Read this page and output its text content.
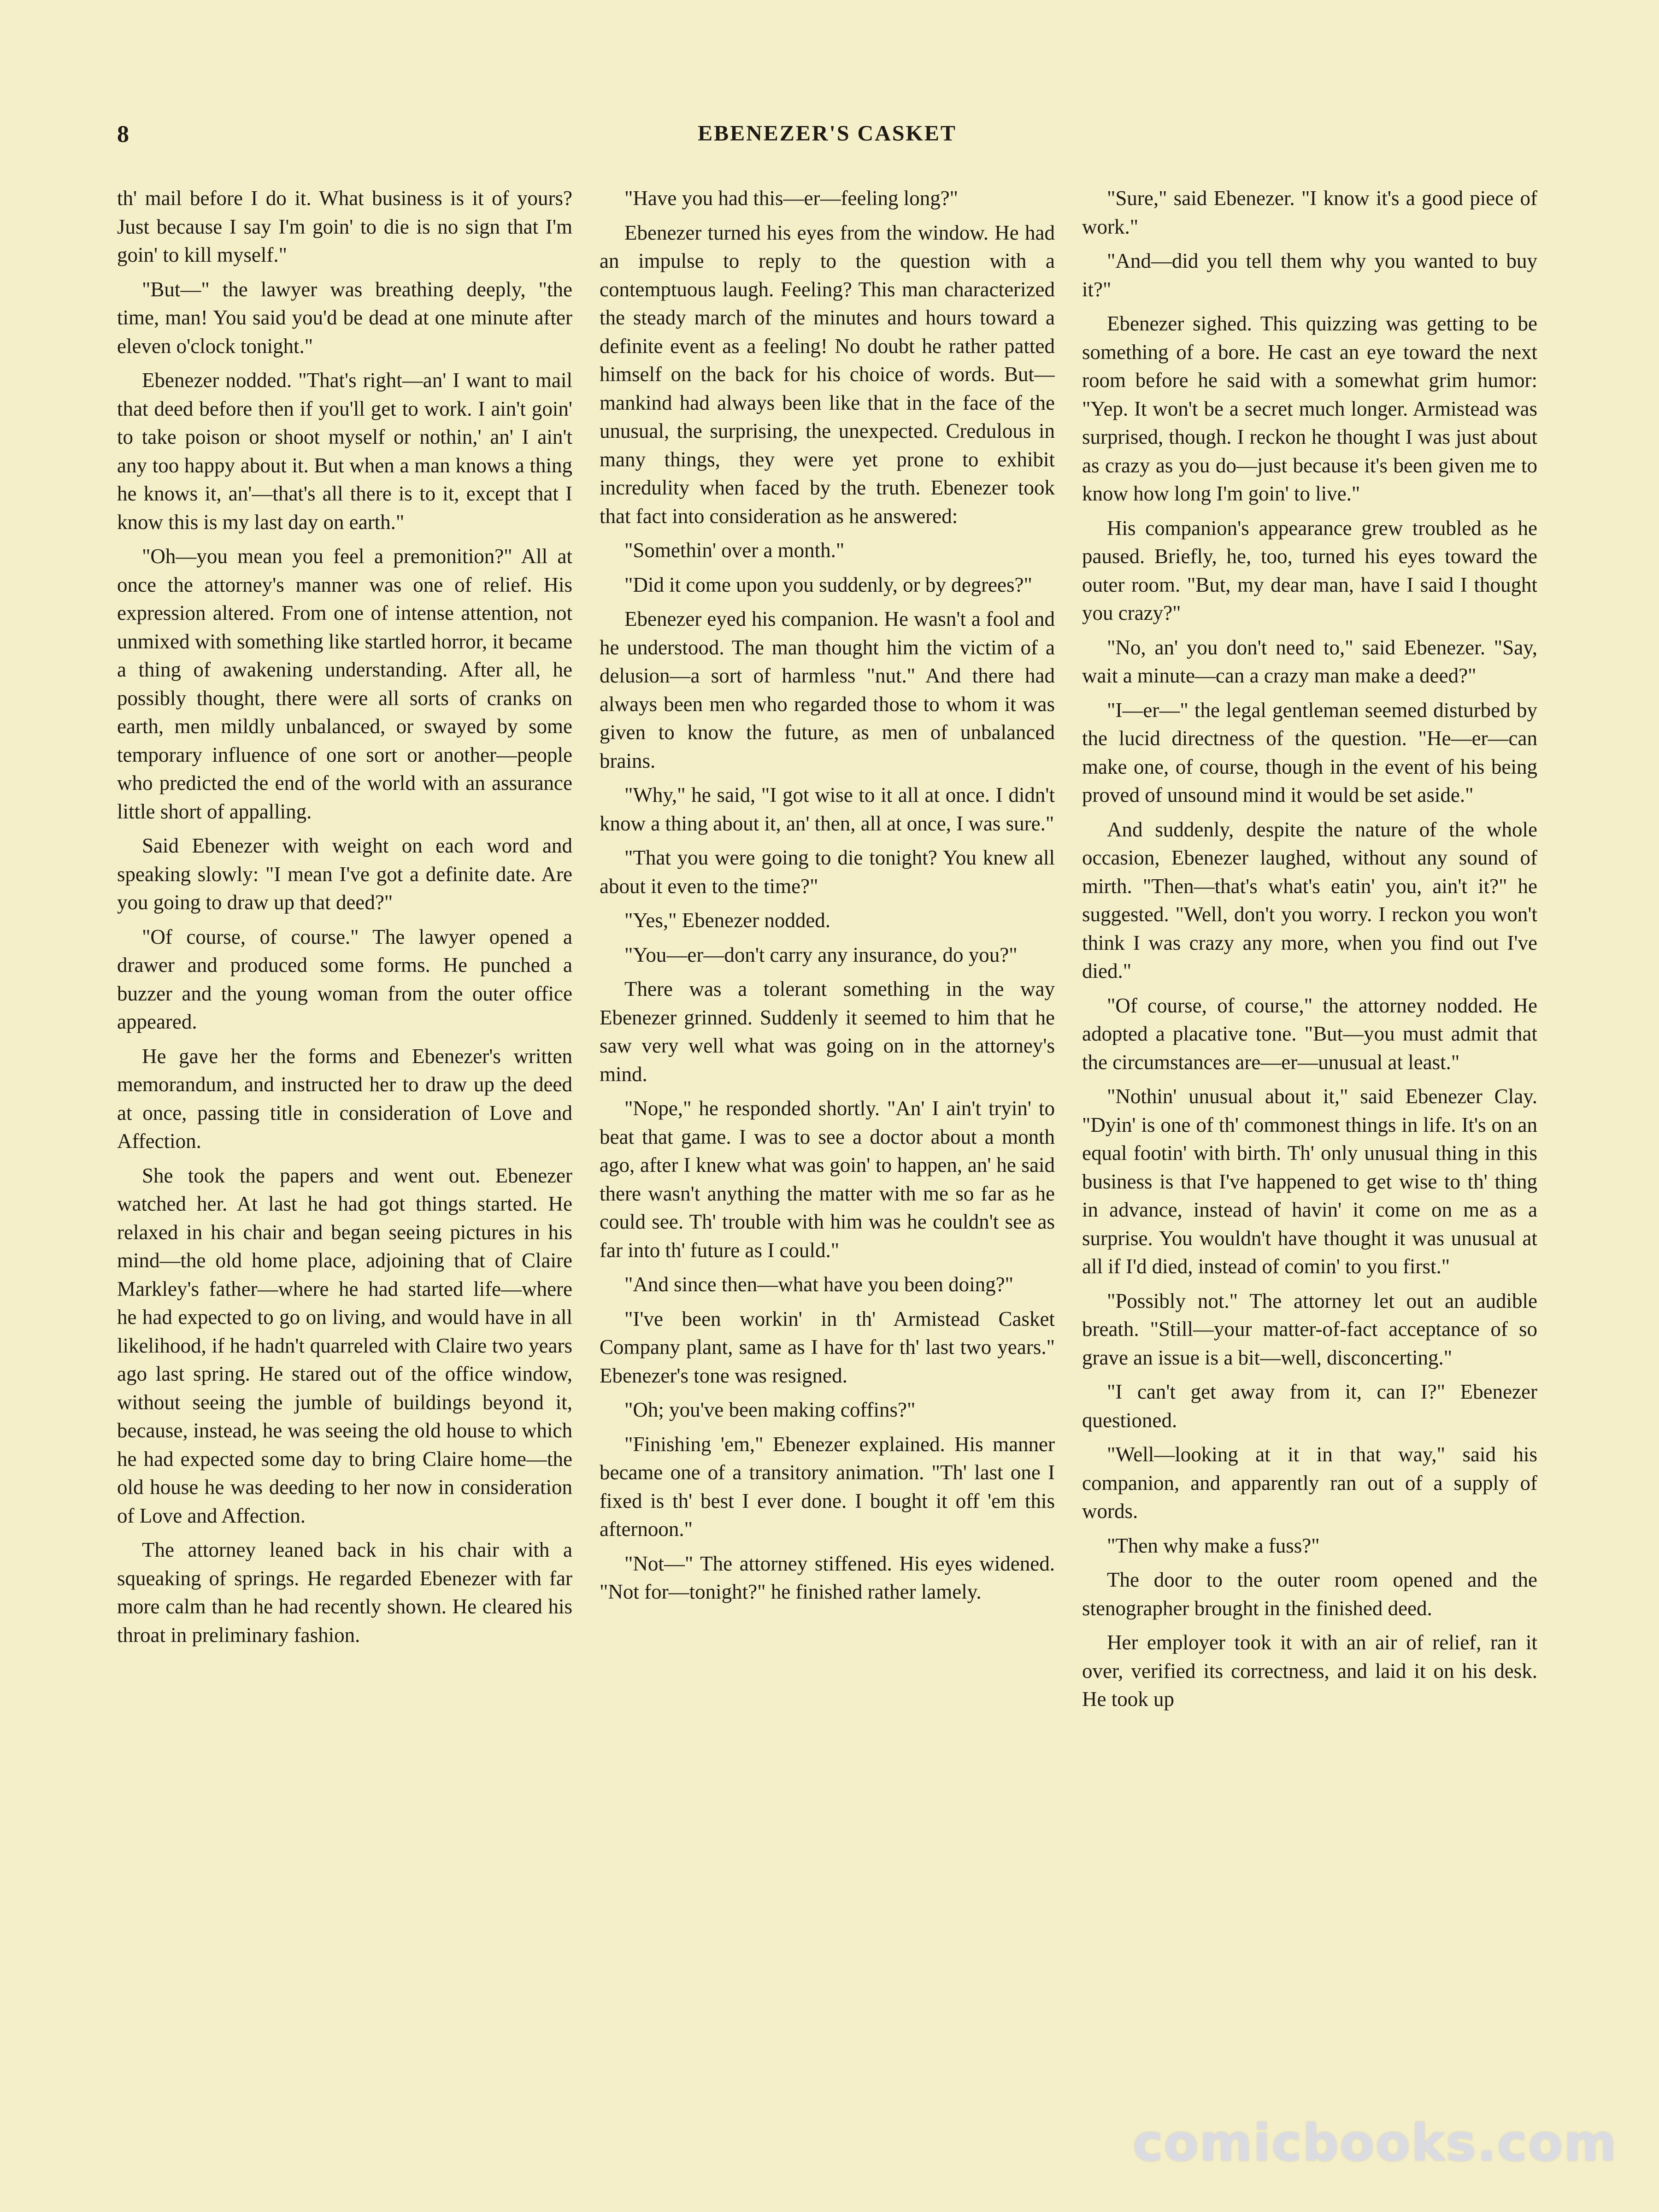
8	EBENEZER'S CASKET

th' mail before I do it. What business is it of yours? Just because I say I'm goin' to die is no sign that I'm goin' to kill myself."

"But—" the lawyer was breathing deeply, "the time, man! You said you'd be dead at one minute after eleven o'clock tonight."

Ebenezer nodded. "That's right—an' I want to mail that deed before then if you'll get to work. I ain't goin' to take poison or shoot myself or nothin,' an' I ain't any too happy about it. But when a man knows a thing he knows it, an'—that's all there is to it, except that I know this is my last day on earth."

"Oh—you mean you feel a premonition?" All at once the attorney's manner was one of relief. His expression altered. From one of intense attention, not unmixed with something like startled horror, it became a thing of awakening understanding. After all, he possibly thought, there were all sorts of cranks on earth, men mildly unbalanced, or swayed by some temporary influence of one sort or another—people who predicted the end of the world with an assurance little short of appalling.

Said Ebenezer with weight on each word and speaking slowly: "I mean I've got a definite date. Are you going to draw up that deed?"

"Of course, of course." The lawyer opened a drawer and produced some forms. He punched a buzzer and the young woman from the outer office appeared.

He gave her the forms and Ebenezer's written memorandum, and instructed her to draw up the deed at once, passing title in consideration of Love and Affection.

She took the papers and went out. Ebenezer watched her. At last he had got things started. He relaxed in his chair and began seeing pictures in his mind—the old home place, adjoining that of Claire Markley's father—where he had started life—where he had expected to go on living, and would have in all likelihood, if he hadn't quarreled with Claire two years ago last spring. He stared out of the office window, without seeing the jumble of buildings beyond it, because, instead, he was seeing the old house to which he had expected some day to bring Claire home—the old house he was deeding to her now in consideration of Love and Affection.

The attorney leaned back in his chair with a squeaking of springs. He regarded Ebenezer with far more calm than he had recently shown. He cleared his throat in preliminary fashion.

"Have you had this—er—feeling long?"

Ebenezer turned his eyes from the window. He had an impulse to reply to the question with a contemptuous laugh. Feeling? This man characterized the steady march of the minutes and hours toward a definite event as a feeling! No doubt he rather patted himself on the back for his choice of words. But—mankind had always been like that in the face of the unusual, the surprising, the unexpected. Credulous in many things, they were yet prone to exhibit incredulity when faced by the truth. Ebenezer took that fact into consideration as he answered:

"Somethin' over a month."

"Did it come upon you suddenly, or by degrees?"

Ebenezer eyed his companion. He wasn't a fool and he understood. The man thought him the victim of a delusion—a sort of harmless "nut." And there had always been men who regarded those to whom it was given to know the future, as men of unbalanced brains.

"Why," he said, "I got wise to it all at once. I didn't know a thing about it, an' then, all at once, I was sure."

"That you were going to die tonight? You knew all about it even to the time?"

"Yes," Ebenezer nodded.

"You—er—don't carry any insurance, do you?"

There was a tolerant something in the way Ebenezer grinned. Suddenly it seemed to him that he saw very well what was going on in the attorney's mind.

"Nope," he responded shortly. "An' I ain't tryin' to beat that game. I was to see a doctor about a month ago, after I knew what was goin' to happen, an' he said there wasn't anything the matter with me so far as he could see. Th' trouble with him was he couldn't see as far into th' future as I could."

"And since then—what have you been doing?"

"I've been workin' in th' Armistead Casket Company plant, same as I have for th' last two years." Ebenezer's tone was resigned.

"Oh; you've been making coffins?"

"Finishing 'em," Ebenezer explained. His manner became one of a transitory animation. "Th' last one I fixed is th' best I ever done. I bought it off 'em this afternoon."

"Not—" The attorney stiffened. His eyes widened. "Not for—tonight?" he finished rather lamely.

"Sure," said Ebenezer. "I know it's a good piece of work."

"And—did you tell them why you wanted to buy it?"

Ebenezer sighed. This quizzing was getting to be something of a bore. He cast an eye toward the next room before he said with a somewhat grim humor: "Yep. It won't be a secret much longer. Armistead was surprised, though. I reckon he thought I was just about as crazy as you do—just because it's been given me to know how long I'm goin' to live."

His companion's appearance grew troubled as he paused. Briefly, he, too, turned his eyes toward the outer room. "But, my dear man, have I said I thought you crazy?"

"No, an' you don't need to," said Ebenezer. "Say, wait a minute—can a crazy man make a deed?"

"I—er—" the legal gentleman seemed disturbed by the lucid directness of the question. "He—er—can make one, of course, though in the event of his being proved of unsound mind it would be set aside."

And suddenly, despite the nature of the whole occasion, Ebenezer laughed, without any sound of mirth. "Then—that's what's eatin' you, ain't it?" he suggested. "Well, don't you worry. I reckon you won't think I was crazy any more, when you find out I've died."

"Of course, of course," the attorney nodded. He adopted a placative tone. "But—you must admit that the circumstances are—er—unusual at least."

"Nothin' unusual about it," said Ebenezer Clay. "Dyin' is one of th' commonest things in life. It's on an equal footin' with birth. Th' only unusual thing in this business is that I've happened to get wise to th' thing in advance, instead of havin' it come on me as a surprise. You wouldn't have thought it was unusual at all if I'd died, instead of comin' to you first."

"Possibly not." The attorney let out an audible breath. "Still—your matter-of-fact acceptance of so grave an issue is a bit—well, disconcerting."

"I can't get away from it, can I?" Ebenezer questioned.

"Well—looking at it in that way," said his companion, and apparently ran out of a supply of words.

"Then why make a fuss?"

The door to the outer room opened and the stenographer brought in the finished deed.

Her employer took it with an air of relief, ran it over, verified its correctness, and laid it on his desk. He took up

comicbooks.com
